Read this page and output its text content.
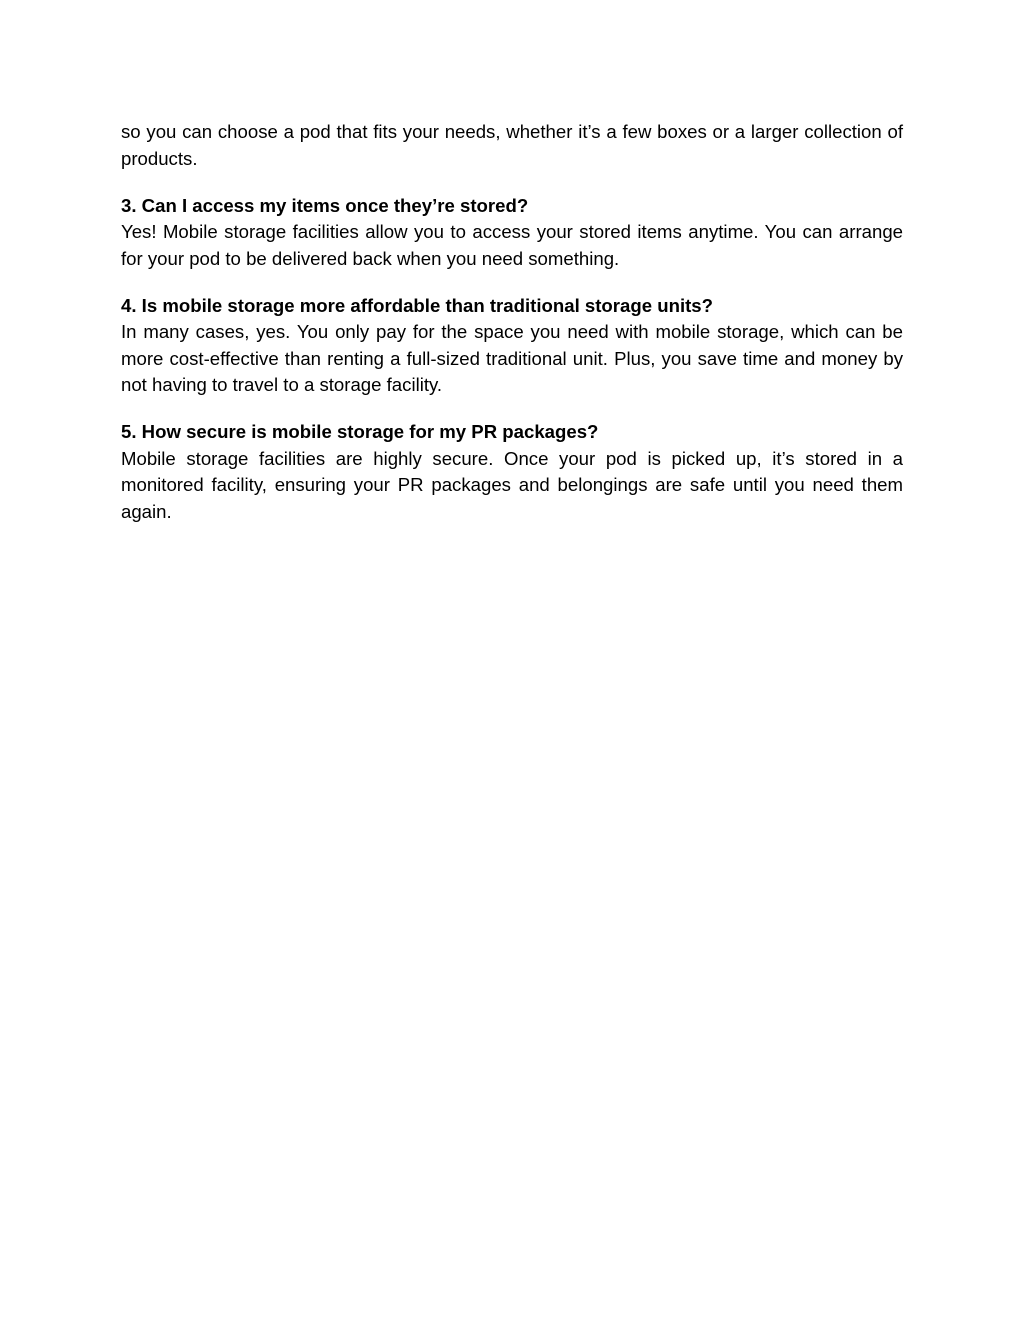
so you can choose a pod that fits your needs, whether it’s a few boxes or a larger collection of products.

3. Can I access my items once they’re stored?

Yes! Mobile storage facilities allow you to access your stored items anytime. You can arrange for your pod to be delivered back when you need something.

4. Is mobile storage more affordable than traditional storage units?

In many cases, yes. You only pay for the space you need with mobile storage, which can be more cost-effective than renting a full-sized traditional unit. Plus, you save time and money by not having to travel to a storage facility.

5. How secure is mobile storage for my PR packages?

Mobile storage facilities are highly secure. Once your pod is picked up, it’s stored in a monitored facility, ensuring your PR packages and belongings are safe until you need them again.
